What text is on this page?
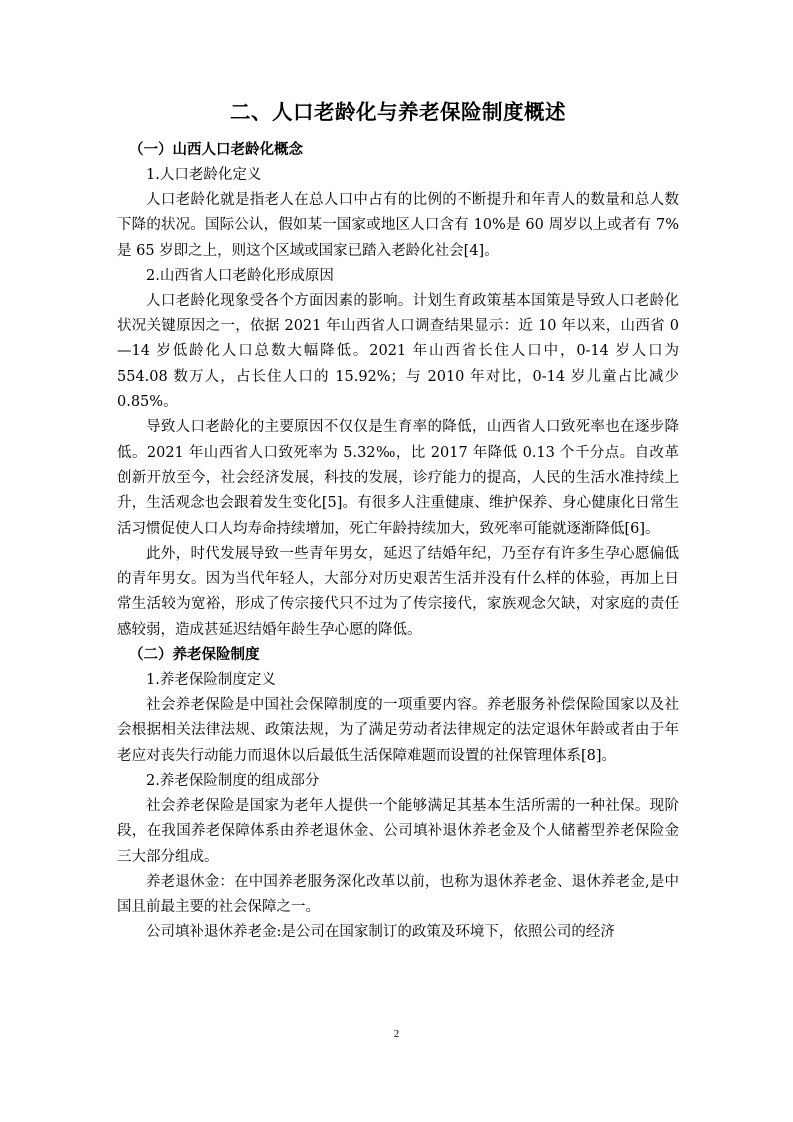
二、人口老龄化与养老保险制度概述
（一）山西人口老龄化概念
1.人口老龄化定义

人口老龄化就是指老人在总人口中占有的比例的不断提升和年青人的数量和总人数下降的状况。国际公认，假如某一国家或地区人口含有 10%是 60 周岁以上或者有 7%是 65 岁即之上，则这个区域或国家已踏入老龄化社会[4]。

2.山西省人口老龄化形成原因

人口老龄化现象受各个方面因素的影响。计划生育政策基本国策是导致人口老龄化状况关键原因之一，依据 2021 年山西省人口调查结果显示：近 10 年以来，山西省 0—14 岁低龄化人口总数大幅降低。2021 年山西省长住人口中，0-14 岁人口为 554.08 数万人，占长住人口的 15.92%；与 2010 年对比，0-14 岁儿童占比减少 0.85%。

导致人口老龄化的主要原因不仅仅是生育率的降低，山西省人口致死率也在逐步降低。2021 年山西省人口致死率为 5.32‰，比 2017 年降低 0.13 个千分点。自改革创新开放至今，社会经济发展，科技的发展，诊疗能力的提高，人民的生活水准持续上升，生活观念也会跟着发生变化[5]。有很多人注重健康、维护保养、身心健康化日常生活习惯促使人口人均寿命持续增加，死亡年龄持续加大，致死率可能就逐渐降低[6]。

此外，时代发展导致一些青年男女，延迟了结婚年纪，乃至存有许多生孕心愿偏低的青年男女。因为当代年轻人，大部分对历史艰苦生活并没有什么样的体验，再加上日常生活较为宽裕，形成了传宗接代只不过为了传宗接代，家族观念欠缺，对家庭的责任感较弱，造成甚延迟结婚年龄生孕心愿的降低。

（二）养老保险制度
1.养老保险制度定义

社会养老保险是中国社会保障制度的一项重要内容。养老服务补偿保险国家以及社会根据相关法律法规、政策法规，为了满足劳动者法律规定的法定退休年龄或者由于年老应对丧失行动能力而退休以后最低生活保障难题而设置的社保管理体系[8]。

2.养老保险制度的组成部分

社会养老保险是国家为老年人提供一个能够满足其基本生活所需的一种社保。现阶段，在我国养老保障体系由养老退休金、公司填补退休养老金及个人储蓄型养老保险金三大部分组成。

养老退休金：在中国养老服务深化改革以前，也称为退休养老金、退休养老金,是中国且前最主要的社会保障之一。

公司填补退休养老金:是公司在国家制订的政策及环境下，依照公司的经济

2
